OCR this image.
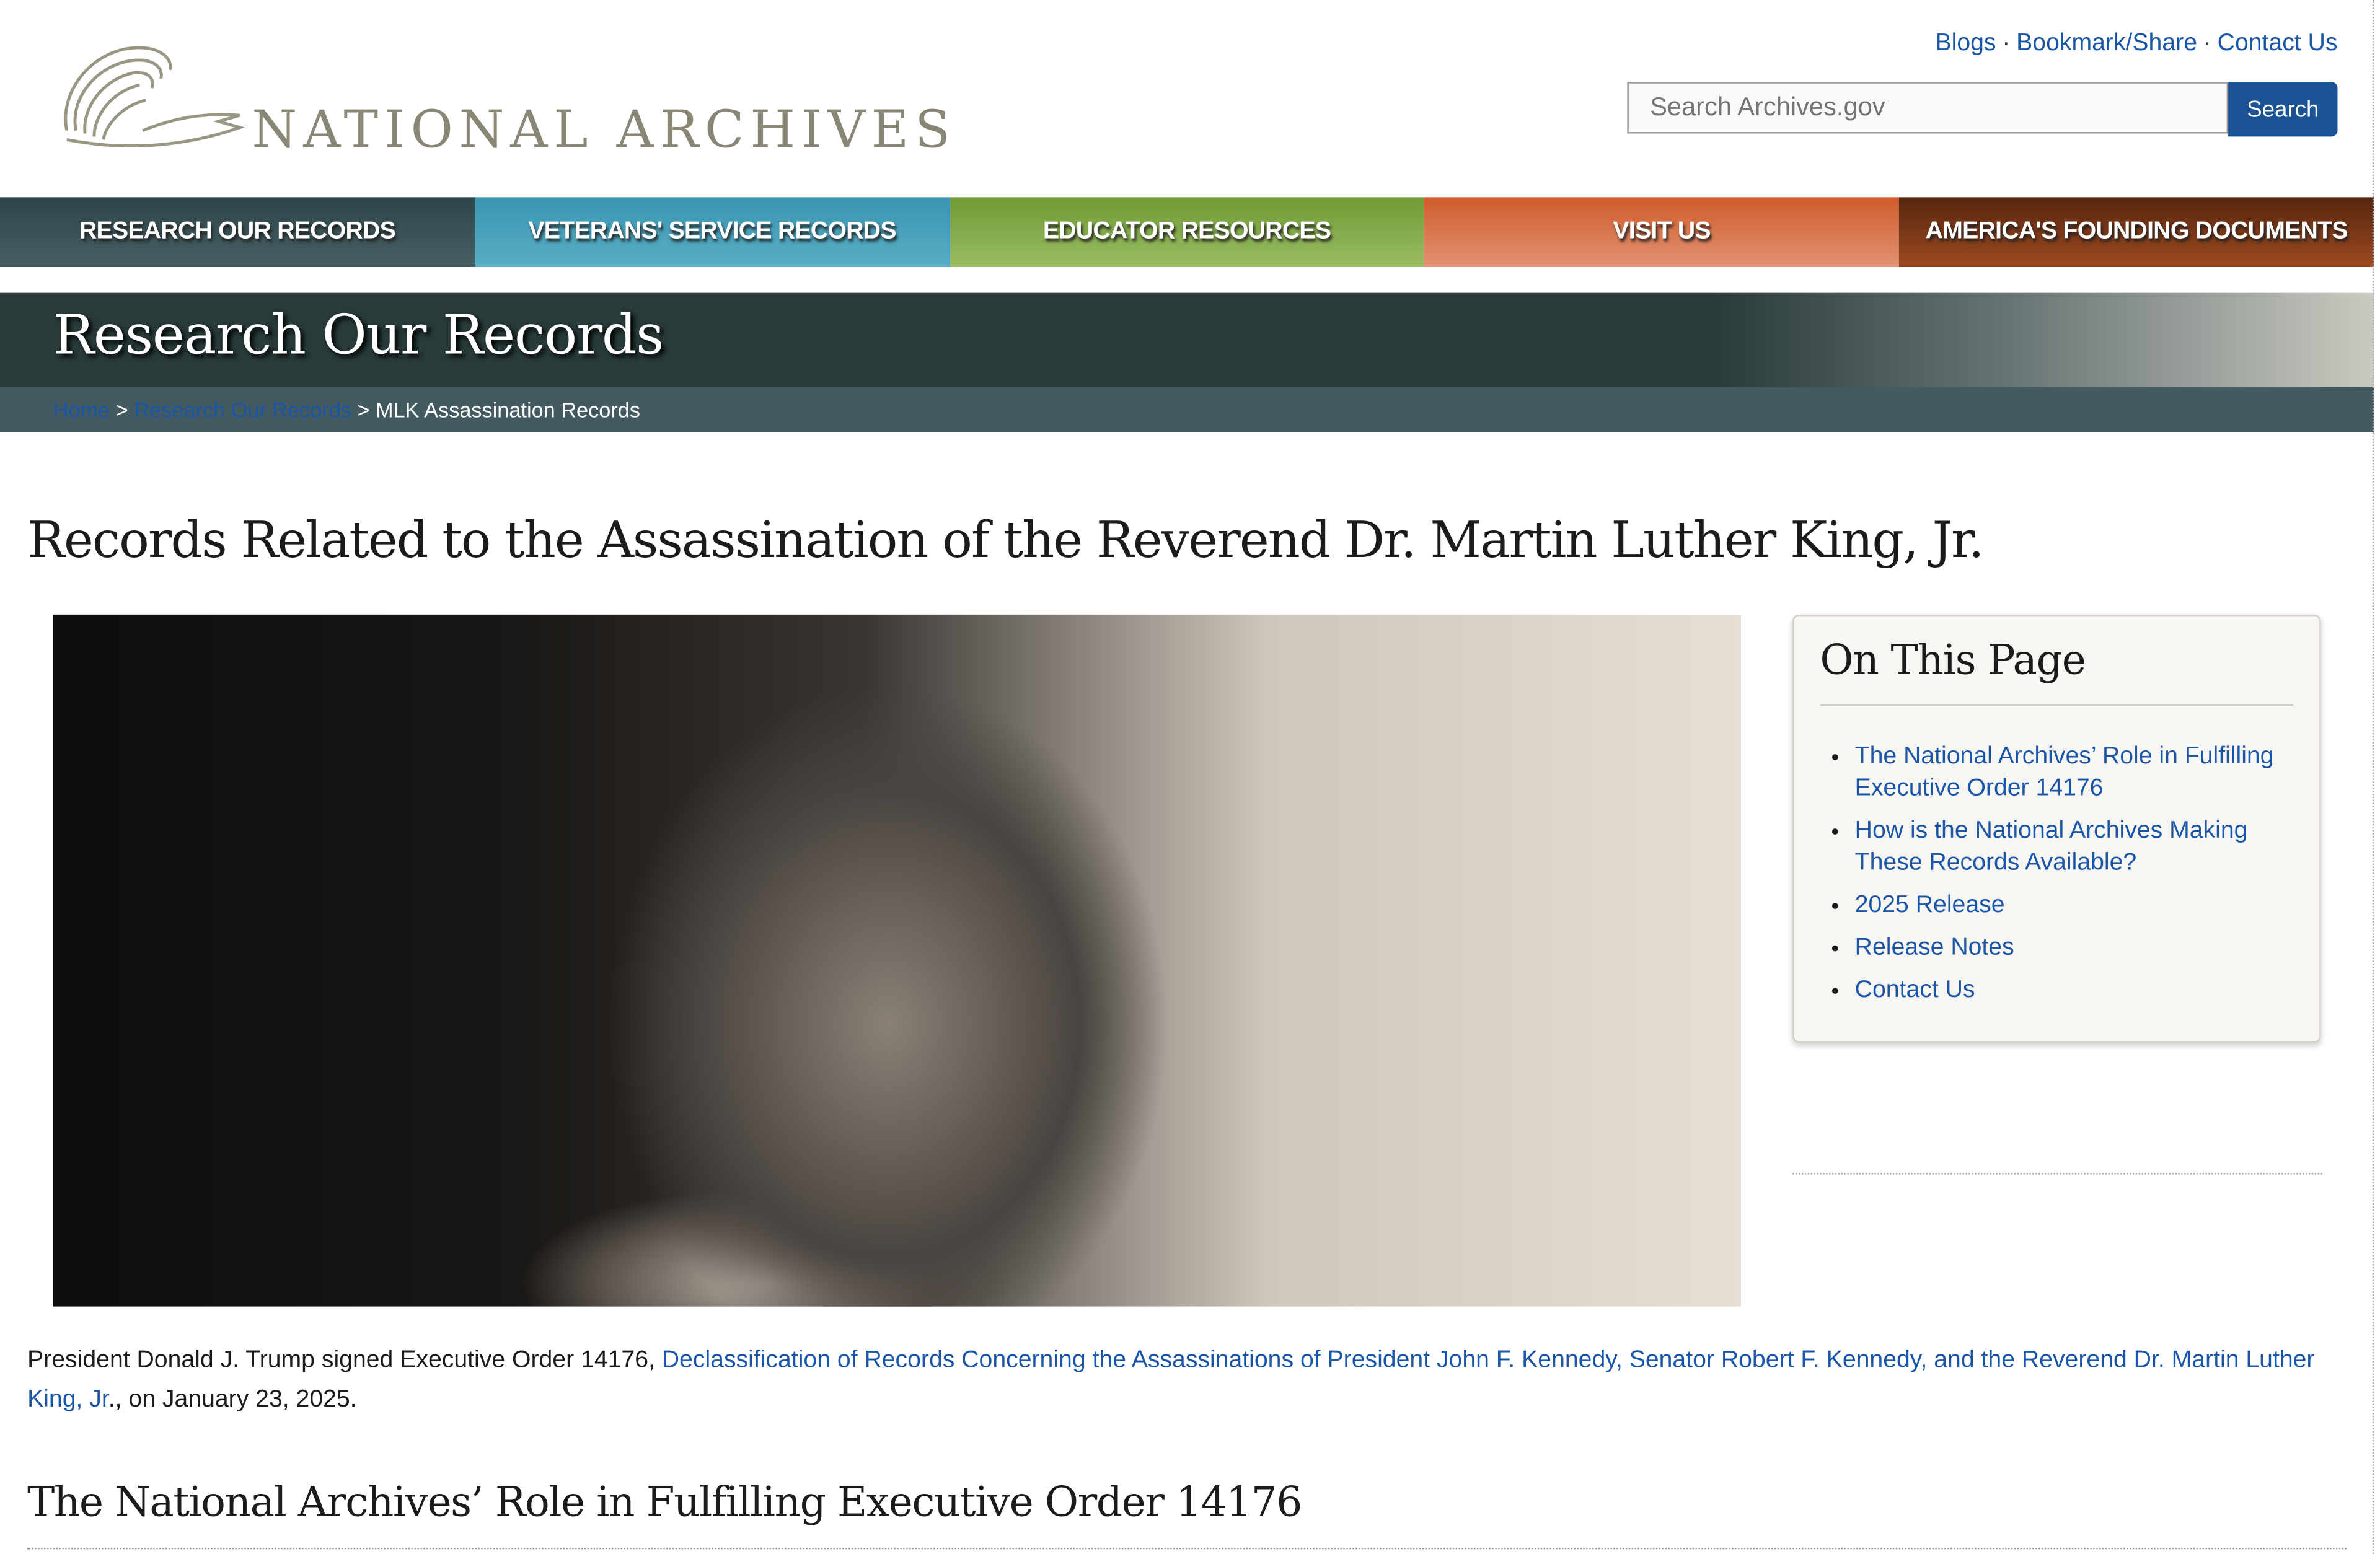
NATIONAL ARCHIVES
Blogs · Bookmark/Share · Contact Us
Search Archives.gov
Search
RESEARCH OUR RECORDS	VETERANS' SERVICE RECORDS	EDUCATOR RESOURCES	VISIT US	AMERICA'S FOUNDING DOCUMENTS
Research Our Records
Home > Research Our Records > MLK Assassination Records
Records Related to the Assassination of the Reverend Dr. Martin Luther King, Jr.
On This Page
• The National Archives’ Role in Fulfilling Executive Order 14176
• How is the National Archives Making These Records Available?
• 2025 Release
• Release Notes
• Contact Us

President Donald J. Trump signed Executive Order 14176, Declassification of Records Concerning the Assassinations of President John F. Kennedy, Senator Robert F. Kennedy, and the Reverend Dr. Martin Luther King, Jr., on January 23, 2025.

The National Archives’ Role in Fulfilling Executive Order 14176
